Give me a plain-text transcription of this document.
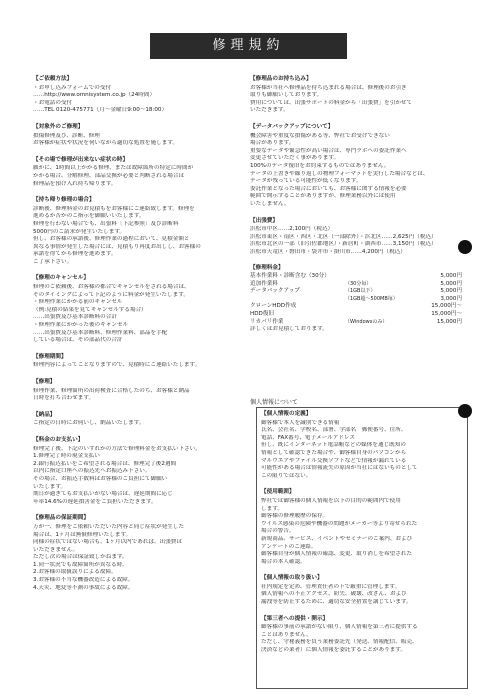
修理規約
【ご依頼方法】
・お申し込みフォームでの受付
……http://www.omnisystem.co.jp（24時間）
・お電話の受付
……TEL 0120-475771（月～金曜日9:00～18:00）
【対象外のご修理】
損傷修理及び、診断、修理
お客様が症状や状況を伺いながら適切な処置を施します。
【その場で修理が出来ない症状の時】
願かに、1時間以上かかる修理、または故障箇所の特定に時間が
かかる場合、分解修理、部品交換が必要と判断される場合は
修理品を預け入れ持ち帰ります。
【持ち帰り修理の場合】
診断後、修理料金のお見積もをお客様にご連絡致します。修理を
進めるか否かのご指示を御願いいたします。
修理を行わない場合でも、出張料〔下記参照〕及び診断料
5000円のご請求が発生いたします。
但し、お客様の承諾後、修理作業の過程において、見積金額と
異なる事情が発生した場合には、見積もり再度お出しし、お客様の
承諾を得てから修理を進めます。
ご了承下さい。
【修理のキャンセル】
修理のご依頼後、お客様の都合でキャンセルをされる場合は、
そのタイミングによって下記のように料金が発生いたします。
・修理作業にかかる前のキャンセル
（例:見積の結果を見てキャンセルする場合）
……出張費及び基本診断料の合計
・修理作業にかかった後のキャンセル
……出張費及び基本診断料、修理作業料、部品を手配
している場合は、その部品代の合計
【修理期間】
修理内容によってことなりますので、見積時にご連絡いたします。
【修理】
修理作業、修理箇所の出荷検査に合格したのち、お客様と納品
日時を打ち合わせます。
【納品】
ご指定の日時にお伺いし、納品いたします。
【料金のお支払い】
修理完了後、下記のいずれかの方法で修理料金をお支払い下さい。
1.修理完了時の現金支払い
2.銀行振込払いをご希望される場合は、修理完了後2週間
以内に指定口座への振込先へお振込み下さい。
その場合、お振込手数料はお客様のご負担にて御願い
いたします。
期日が過ぎてもお支払いがない場合は、遅延期間に応じ
年率14.6%の遅延損害金をご負担いただきます。
【修理品の保証期間】
万が一、修理をご依頼いただいた内容と同じ症状が発生した
場合は、1ヶ月は無償修理いたします。
同様の症状ではない場合も、1ヶ月以内であれば、出張費は
いただきません。
ただし次の場合は保証致しかねます。
1.同一状況でも故障箇所が異なる時。
2.お客様の取扱誤りによる故障。
3.お客様の不当な機器改造による故障。
4.天災、地変等不測の事故による故障。
【修理品のお持ち込み】
お客様が当社へ修理品を持ち込まれる場合は、修理後のお引き
取りも御願いしております。
費用については、出張サポートの料金から「出張費」を引かせて
いただきます。
【データバックアップについて】
機会障害や重度な損傷がある等、弊社でお受けできない
場合があります。
重要なデータや緊急性が高い場合は、専門ラボへの委託作業へ
変更させていただく事があります。
100%のデータ復旧をお約束するものではありません。
データの上書きや繰り返しの物理フォーマットを実行した場合などは、
データが残っている可能性が低くなります。
委託作業となった場合においても、お客様に関する情報を必要
範囲で開示することがありますが、修理業務以外には使用
いたしません。
【出張費】
浜松市中区……2,100円（税込）
浜松市東区・南区・西区・北区（一部除外）・浜北区……2,625円（税込）
浜松市北区の一部（旧引佐郡地区）・新居町・湖西市……3,150円（税込）
浜松市天竜区・磐田市・袋井市・掛川市……4,200円（税込）
【修理料金】
基本作業料・診断含む（30分）	5,000円
追加作業料	（30分毎）	5,000円
データバックアップ	（1GB以下）	5,000円
（1GB超～500MB毎）	3,000円
クローンHDD作成	15,000円～
HDD復旧	15,000円～
リカバリ作業	（Windowsのみ）	15,000円
詳しくはお見積しております。
個人情報について
【個人情報の定義】
御客様で本人を識別できる情報
氏名、会社名、学校名、部署、学部名　郵便番号、住所、
電話、FAX番号、電子メールアドレス
但し、既にインターネット電話帳などの媒体を通じ既知の
情報として確認できた場合や、御客様自身のパソコンから
マルウエアやファイル交換ソフトなどで情報が漏れている
可能性がある場合は情報流失の原因が当社にはないものとして
この限りではない。
【使用範囲】
弊社では御客様の個人情報を以下の目的の範囲内で使用
します。
御客様の修理履歴の保存。
ウイルス感染の危険や機器の問題がメーカー等より寄せられた
場合の警告。
新規商品、サービス、イベントやセミナーのご案内、および
アンケートのご連絡。
御客様自身が個人情報の確認、変更、取り消しを希望された
場合の本人確認。
【個人情報の取り扱い】
社内規定を定め、管理責任者の下で厳重に管理します。
個人情報への不正アクセス、紛失、破壊、改ざん、および
漏洩等を防止するために、適切な安全措置を講じています。
【第三者への提供・開示】
御客様の事前の承諾がない限り、個人情報を第三者に提供する
ことはありません。
ただし、守秘義務を負う業務委託先（発送、情報配信、販売、
決済などの業者）に個人情報を委託することがあります。
